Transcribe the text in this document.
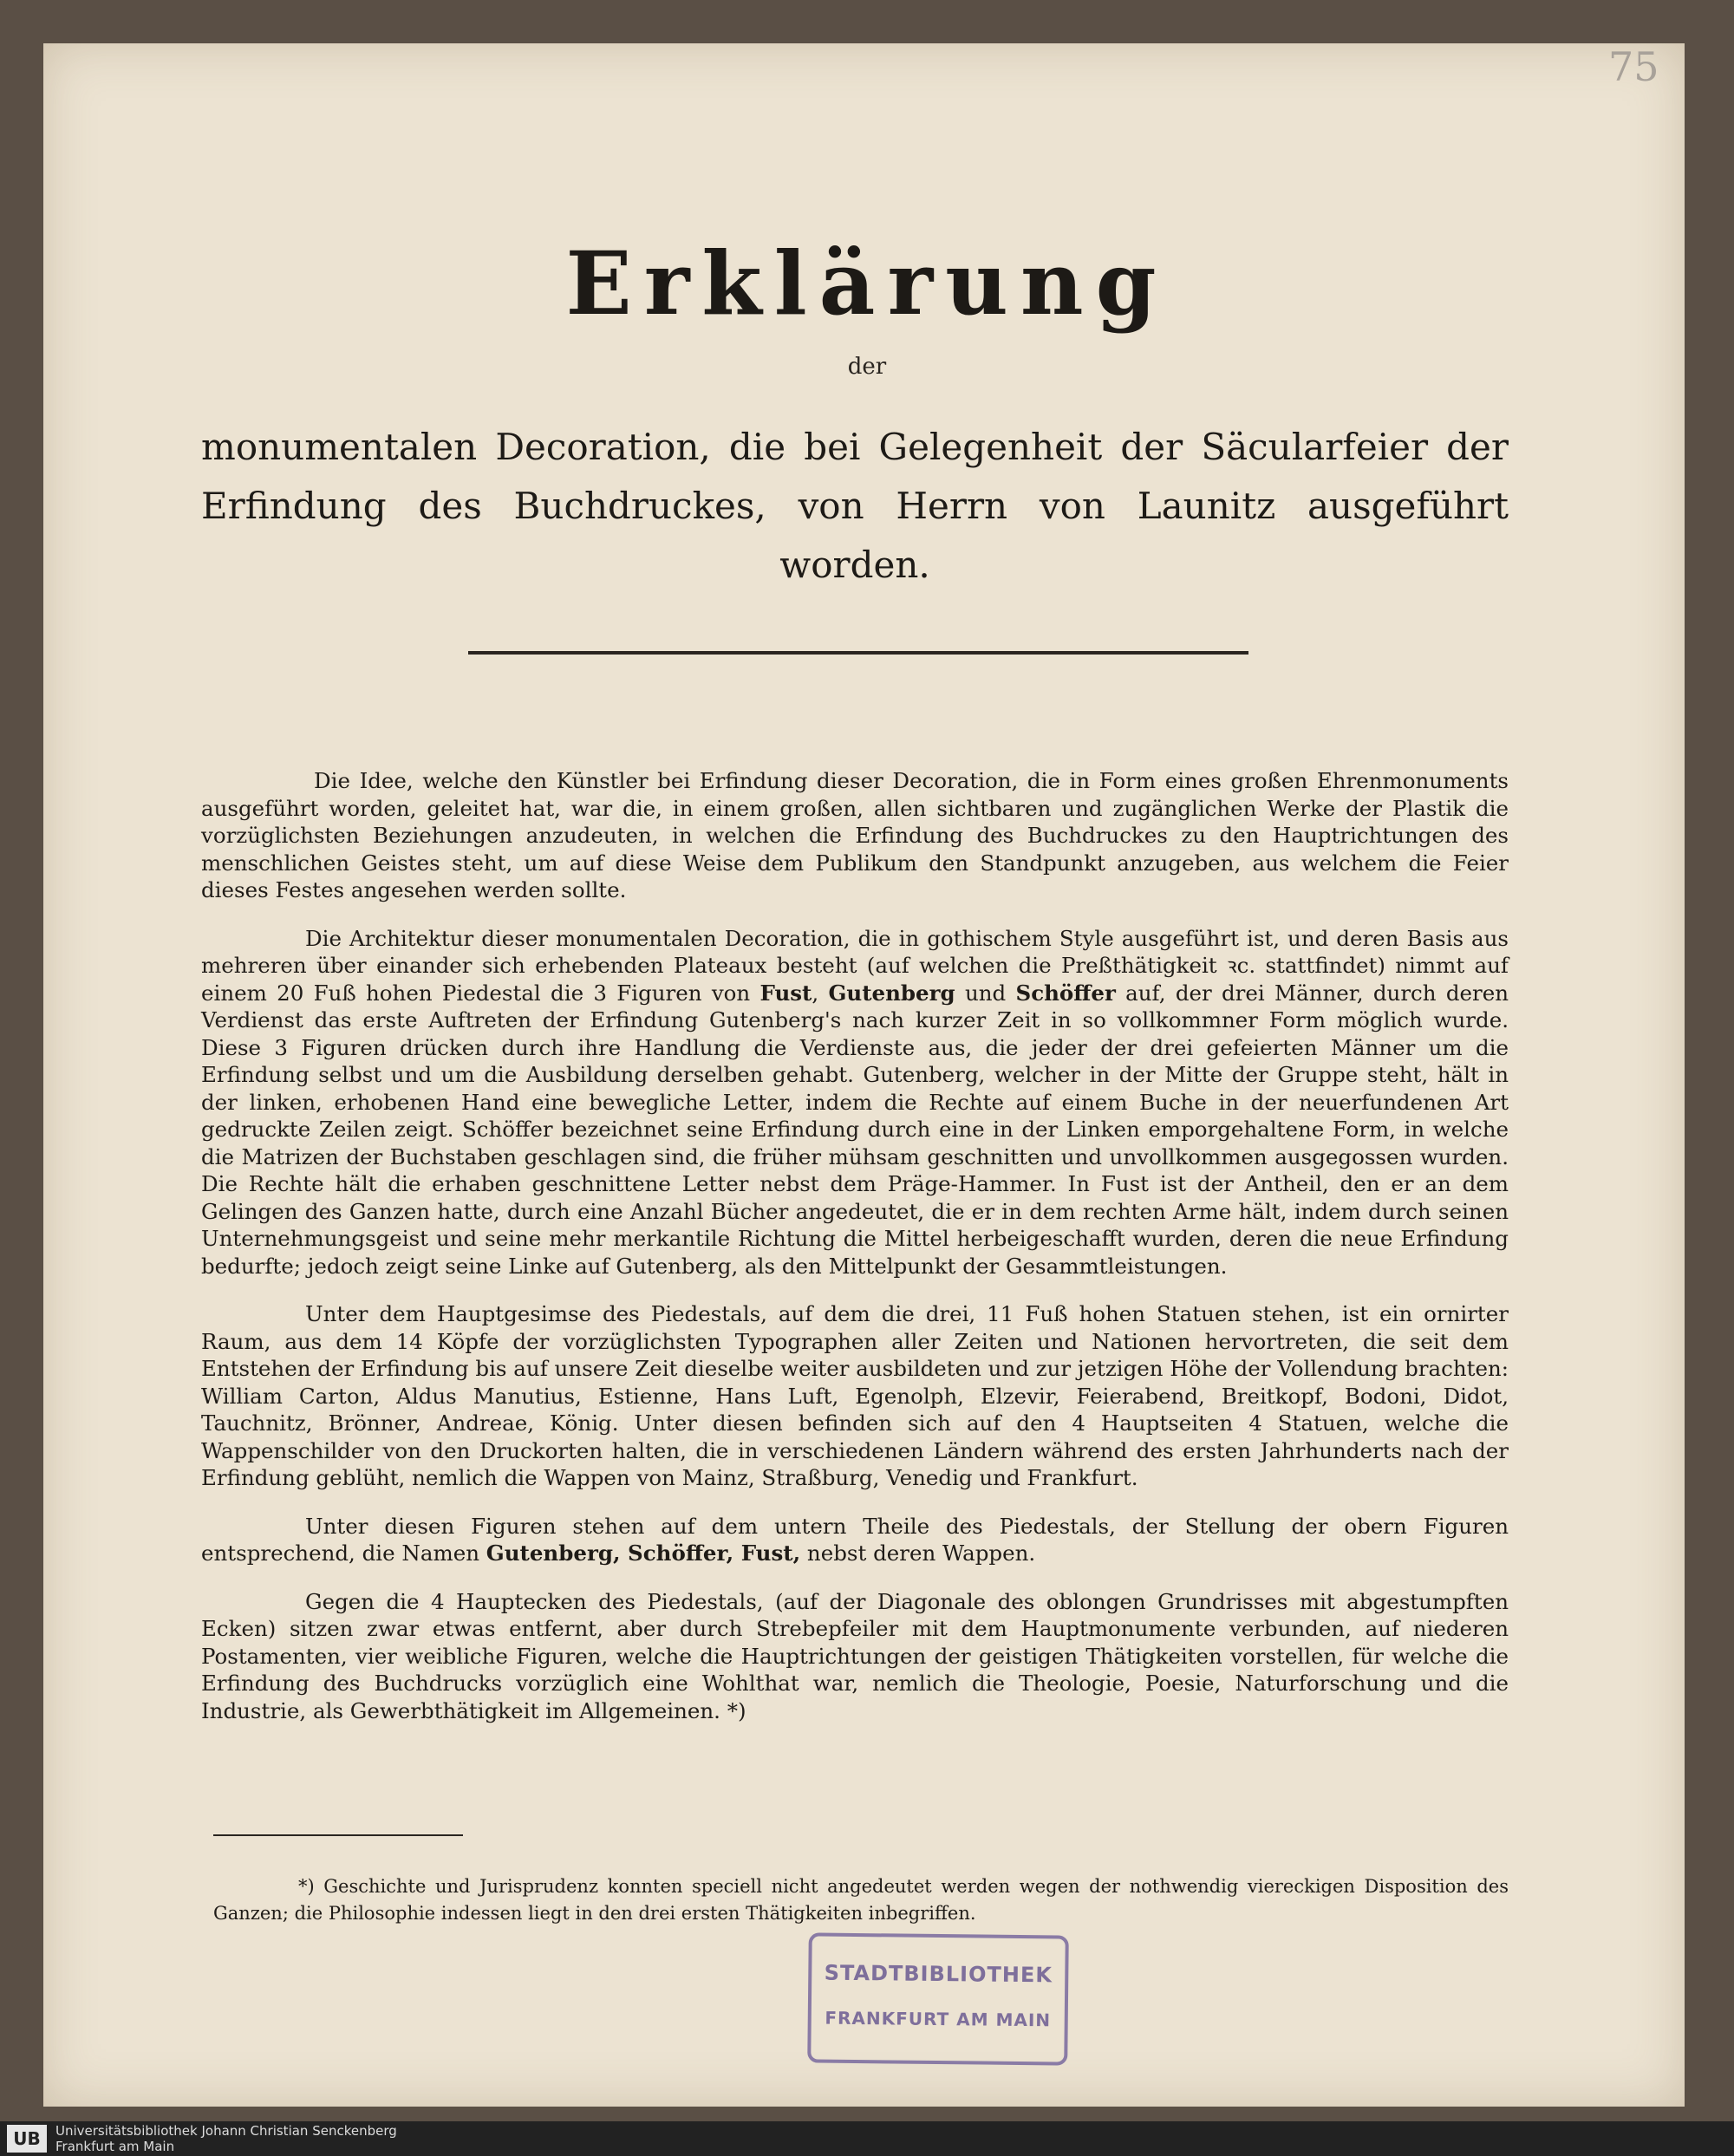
75
Erklärung
der
monumentalen Decoration, die bei Gelegenheit der Säcularfeier der Erfindung des Buchdruckes, von Herrn von Launitz ausgeführt worden.

Die Idee, welche den Künstler bei Erfindung dieser Decoration, die in Form eines großen Ehrenmonuments ausgeführt worden, geleitet hat, war die, in einem großen, allen sichtbaren und zugänglichen Werke der Plastik die vorzüglichsten Beziehungen anzudeuten, in welchen die Erfindung des Buchdruckes zu den Hauptrichtungen des menschlichen Geistes steht, um auf diese Weise dem Publikum den Standpunkt anzugeben, aus welchem die Feier dieses Festes angesehen werden sollte.

Die Architektur dieser monumentalen Decoration, die in gothischem Style ausgeführt ist, und deren Basis aus mehreren über einander sich erhebenden Plateaux besteht (auf welchen die Preßthätigkeit ꝛc. stattfindet) nimmt auf einem 20 Fuß hohen Piedestal die 3 Figuren von Fust, Gutenberg und Schöffer auf, der drei Männer, durch deren Verdienst das erste Auftreten der Erfindung Gutenberg's nach kurzer Zeit in so vollkommner Form möglich wurde. Diese 3 Figuren drücken durch ihre Handlung die Verdienste aus, die jeder der drei gefeierten Männer um die Erfindung selbst und um die Ausbildung derselben gehabt. Gutenberg, welcher in der Mitte der Gruppe steht, hält in der linken, erhobenen Hand eine bewegliche Letter, indem die Rechte auf einem Buche in der neuerfundenen Art gedruckte Zeilen zeigt. Schöffer bezeichnet seine Erfindung durch eine in der Linken emporgehaltene Form, in welche die Matrizen der Buchstaben geschlagen sind, die früher mühsam geschnitten und unvollkommen ausgegossen wurden. Die Rechte hält die erhaben geschnittene Letter nebst dem Präge-Hammer. In Fust ist der Antheil, den er an dem Gelingen des Ganzen hatte, durch eine Anzahl Bücher angedeutet, die er in dem rechten Arme hält, indem durch seinen Unternehmungsgeist und seine mehr merkantile Richtung die Mittel herbeigeschafft wurden, deren die neue Erfindung bedurfte; jedoch zeigt seine Linke auf Gutenberg, als den Mittelpunkt der Gesammtleistungen.

Unter dem Hauptgesimse des Piedestals, auf dem die drei, 11 Fuß hohen Statuen stehen, ist ein ornirter Raum, aus dem 14 Köpfe der vorzüglichsten Typographen aller Zeiten und Nationen hervortreten, die seit dem Entstehen der Erfindung bis auf unsere Zeit dieselbe weiter ausbildeten und zur jetzigen Höhe der Vollendung brachten: William Carton, Aldus Manutius, Estienne, Hans Luft, Egenolph, Elzevir, Feierabend, Breitkopf, Bodoni, Didot, Tauchnitz, Brönner, Andreae, König. Unter diesen befinden sich auf den 4 Hauptseiten 4 Statuen, welche die Wappenschilder von den Druckorten halten, die in verschiedenen Ländern während des ersten Jahrhunderts nach der Erfindung geblüht, nemlich die Wappen von Mainz, Straßburg, Venedig und Frankfurt.

Unter diesen Figuren stehen auf dem untern Theile des Piedestals, der Stellung der obern Figuren entsprechend, die Namen Gutenberg, Schöffer, Fust, nebst deren Wappen.

Gegen die 4 Hauptecken des Piedestals, (auf der Diagonale des oblongen Grundrisses mit abgestumpften Ecken) sitzen zwar etwas entfernt, aber durch Strebepfeiler mit dem Hauptmonumente verbunden, auf niederen Postamenten, vier weibliche Figuren, welche die Hauptrichtungen der geistigen Thätigkeiten vorstellen, für welche die Erfindung des Buchdrucks vorzüglich eine Wohlthat war, nemlich die Theologie, Poesie, Naturforschung und die Industrie, als Gewerbthätigkeit im Allgemeinen. *)

*) Geschichte und Jurisprudenz konnten speciell nicht angedeutet werden wegen der nothwendig viereckigen Disposition des Ganzen; die Philosophie indessen liegt in den drei ersten Thätigkeiten inbegriffen.
STADTBIBLIOTHEK
FRANKFURT AM MAIN
UB	Universitätsbibliothek Johann Christian Senckenberg
Frankfurt am Main
